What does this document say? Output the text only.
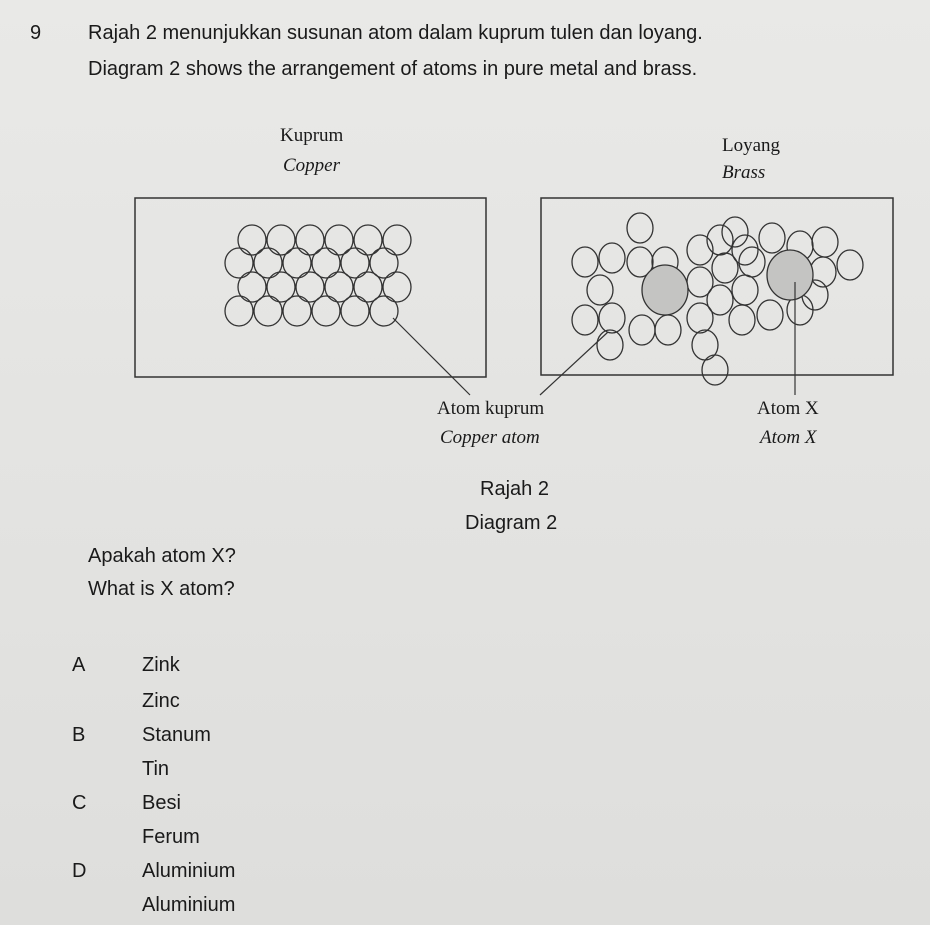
9 Rajah 2 menunjukkan susunan atom dalam kuprum tulen dan loyang.
Diagram 2 shows the arrangement of atoms in pure metal and brass.
Kuprum
Copper
Loyang
Brass
Atom kuprum
Copper atom
Atom X
Atom X
Rajah 2
Diagram 2
Apakah atom X?
What is X atom?
A	Zink
Zinc
B	Stanum
Tin
C	Besi
Ferum
D	Aluminium
Aluminium
